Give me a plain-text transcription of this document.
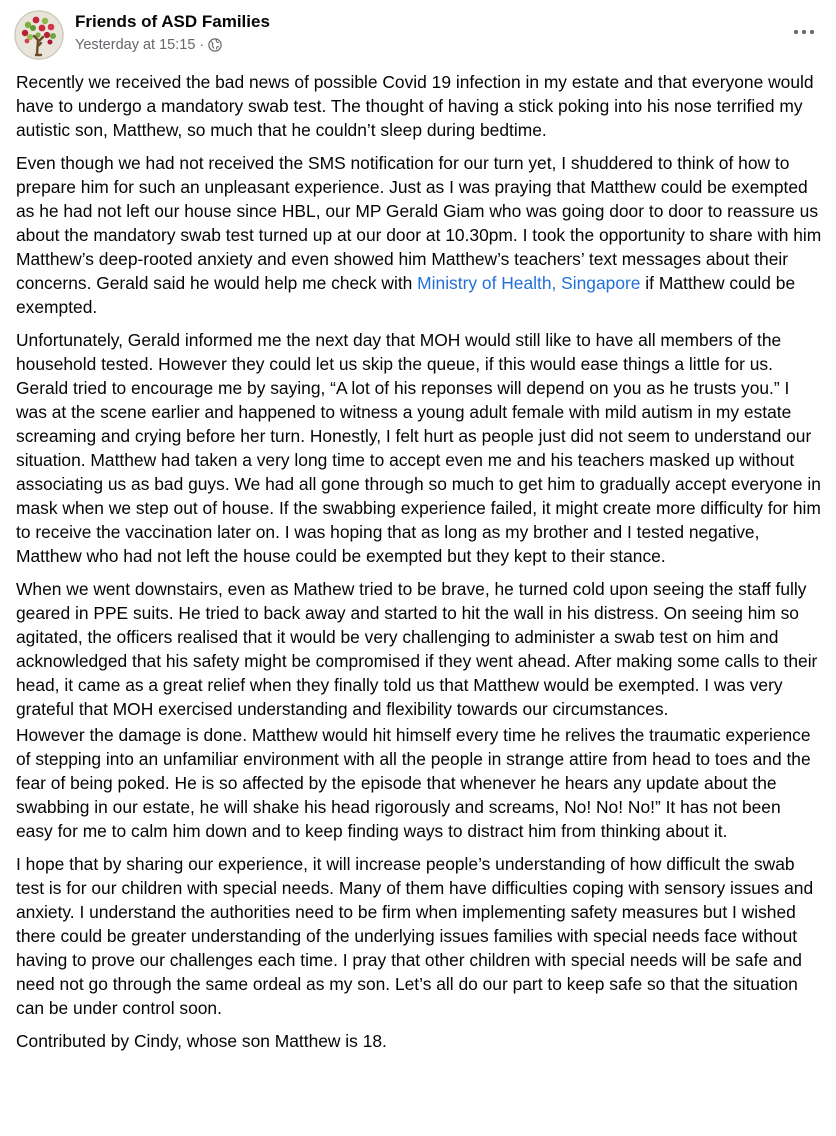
Friends of ASD Families
Yesterday at 15:15 ·

Recently we received the bad news of possible Covid 19 infection in my estate and that everyone would have to undergo a mandatory swab test. The thought of having a stick poking into his nose terrified my autistic son, Matthew, so much that he couldn’t sleep during bedtime.

Even though we had not received the SMS notification for our turn yet, I shuddered to think of how to prepare him for such an unpleasant experience. Just as I was praying that Matthew could be exempted as he had not left our house since HBL, our MP Gerald Giam who was going door to door to reassure us about the mandatory swab test turned up at our door at 10.30pm. I took the opportunity to share with him Matthew’s deep-rooted anxiety and even showed him Matthew’s teachers’ text messages about their concerns. Gerald said he would help me check with Ministry of Health, Singapore if Matthew could be exempted.

Unfortunately, Gerald informed me the next day that MOH would still like to have all members of the household tested. However they could let us skip the queue, if this would ease things a little for us. Gerald tried to encourage me by saying, “A lot of his reponses will depend on you as he trusts you.” I was at the scene earlier and happened to witness a young adult female with mild autism in my estate screaming and crying before her turn. Honestly, I felt hurt as people just did not seem to understand our situation. Matthew had taken a very long time to accept even me and his teachers masked up without associating us as bad guys. We had all gone through so much to get him to gradually accept everyone in mask when we step out of house. If the swabbing experience failed, it might create more difficulty for him to receive the vaccination later on. I was hoping that as long as my brother and I tested negative, Matthew who had not left the house could be exempted but they kept to their stance.

When we went downstairs, even as Mathew tried to be brave, he turned cold upon seeing the staff fully geared in PPE suits. He tried to back away and started to hit the wall in his distress. On seeing him so agitated, the officers realised that it would be very challenging to administer a swab test on him and acknowledged that his safety might be compromised if they went ahead. After making some calls to their head, it came as a great relief when they finally told us that Matthew would be exempted. I was very grateful that MOH exercised understanding and flexibility towards our circumstances.

However the damage is done. Matthew would hit himself every time he relives the traumatic experience of stepping into an unfamiliar environment with all the people in strange attire from head to toes and the fear of being poked. He is so affected by the episode that whenever he hears any update about the swabbing in our estate, he will shake his head rigorously and screams, No! No! No!” It has not been easy for me to calm him down and to keep finding ways to distract him from thinking about it.

I hope that by sharing our experience, it will increase people’s understanding of how difficult the swab test is for our children with special needs. Many of them have difficulties coping with sensory issues and anxiety. I understand the authorities need to be firm when implementing safety measures but I wished there could be greater understanding of the underlying issues families with special needs face without having to prove our challenges each time. I pray that other children with special needs will be safe and need not go through the same ordeal as my son. Let’s all do our part to keep safe so that the situation can be under control soon.

Contributed by Cindy, whose son Matthew is 18.
